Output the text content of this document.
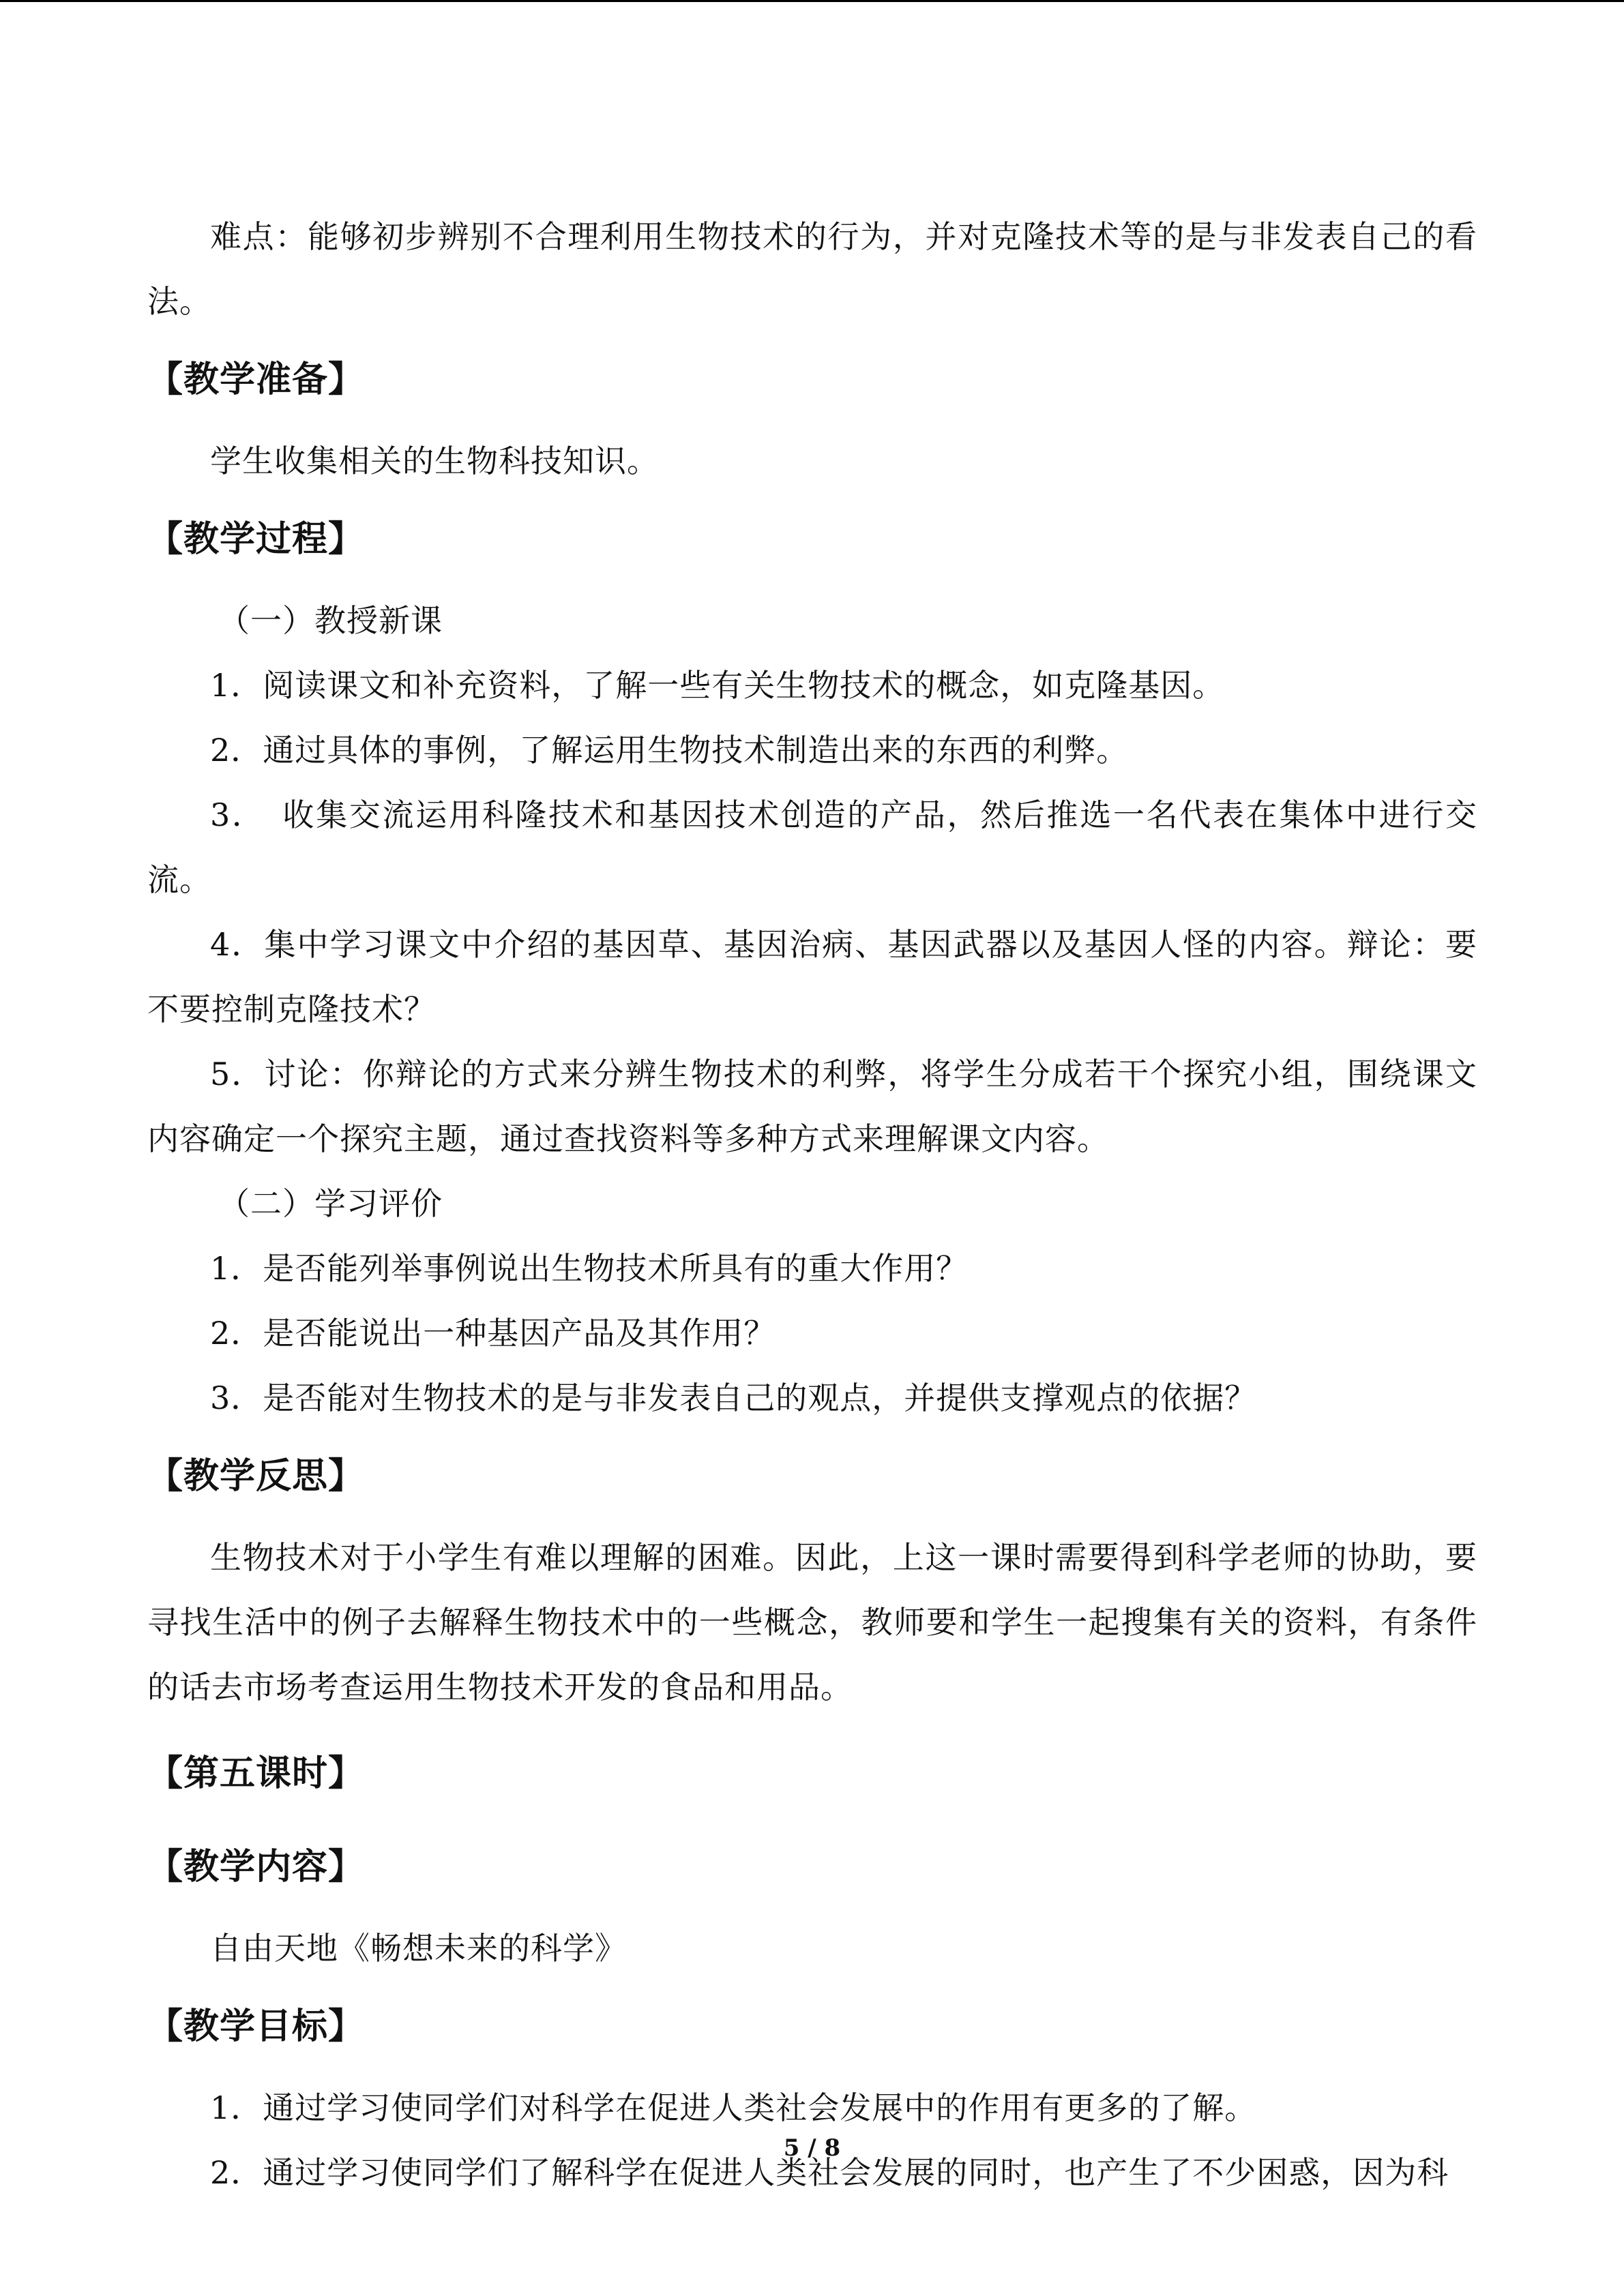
难点：能够初步辨别不合理利用生物技术的行为，并对克隆技术等的是与非发表自己的看法。

【教学准备】

学生收集相关的生物科技知识。

【教学过程】

（一）教授新课

1．阅读课文和补充资料，了解一些有关生物技术的概念，如克隆基因。

2．通过具体的事例，了解运用生物技术制造出来的东西的利弊。

3．　收集交流运用科隆技术和基因技术创造的产品，然后推选一名代表在集体中进行交流。

4．集中学习课文中介绍的基因草、基因治病、基因武器以及基因人怪的内容。辩论：要不要控制克隆技术？

5．讨论：你辩论的方式来分辨生物技术的利弊，将学生分成若干个探究小组，围绕课文内容确定一个探究主题，通过查找资料等多种方式来理解课文内容。

（二）学习评价

1．是否能列举事例说出生物技术所具有的重大作用？

2．是否能说出一种基因产品及其作用？

3．是否能对生物技术的是与非发表自己的观点，并提供支撑观点的依据？

【教学反思】

生物技术对于小学生有难以理解的困难。因此，上这一课时需要得到科学老师的协助，要寻找生活中的例子去解释生物技术中的一些概念，教师要和学生一起搜集有关的资料，有条件的话去市场考查运用生物技术开发的食品和用品。

【第五课时】
【教学内容】

自由天地《畅想未来的科学》

【教学目标】

1．通过学习使同学们对科学在促进人类社会发展中的作用有更多的了解。

2．通过学习使同学们了解科学在促进人类社会发展的同时，也产生了不少困惑，因为科

5 / 8
